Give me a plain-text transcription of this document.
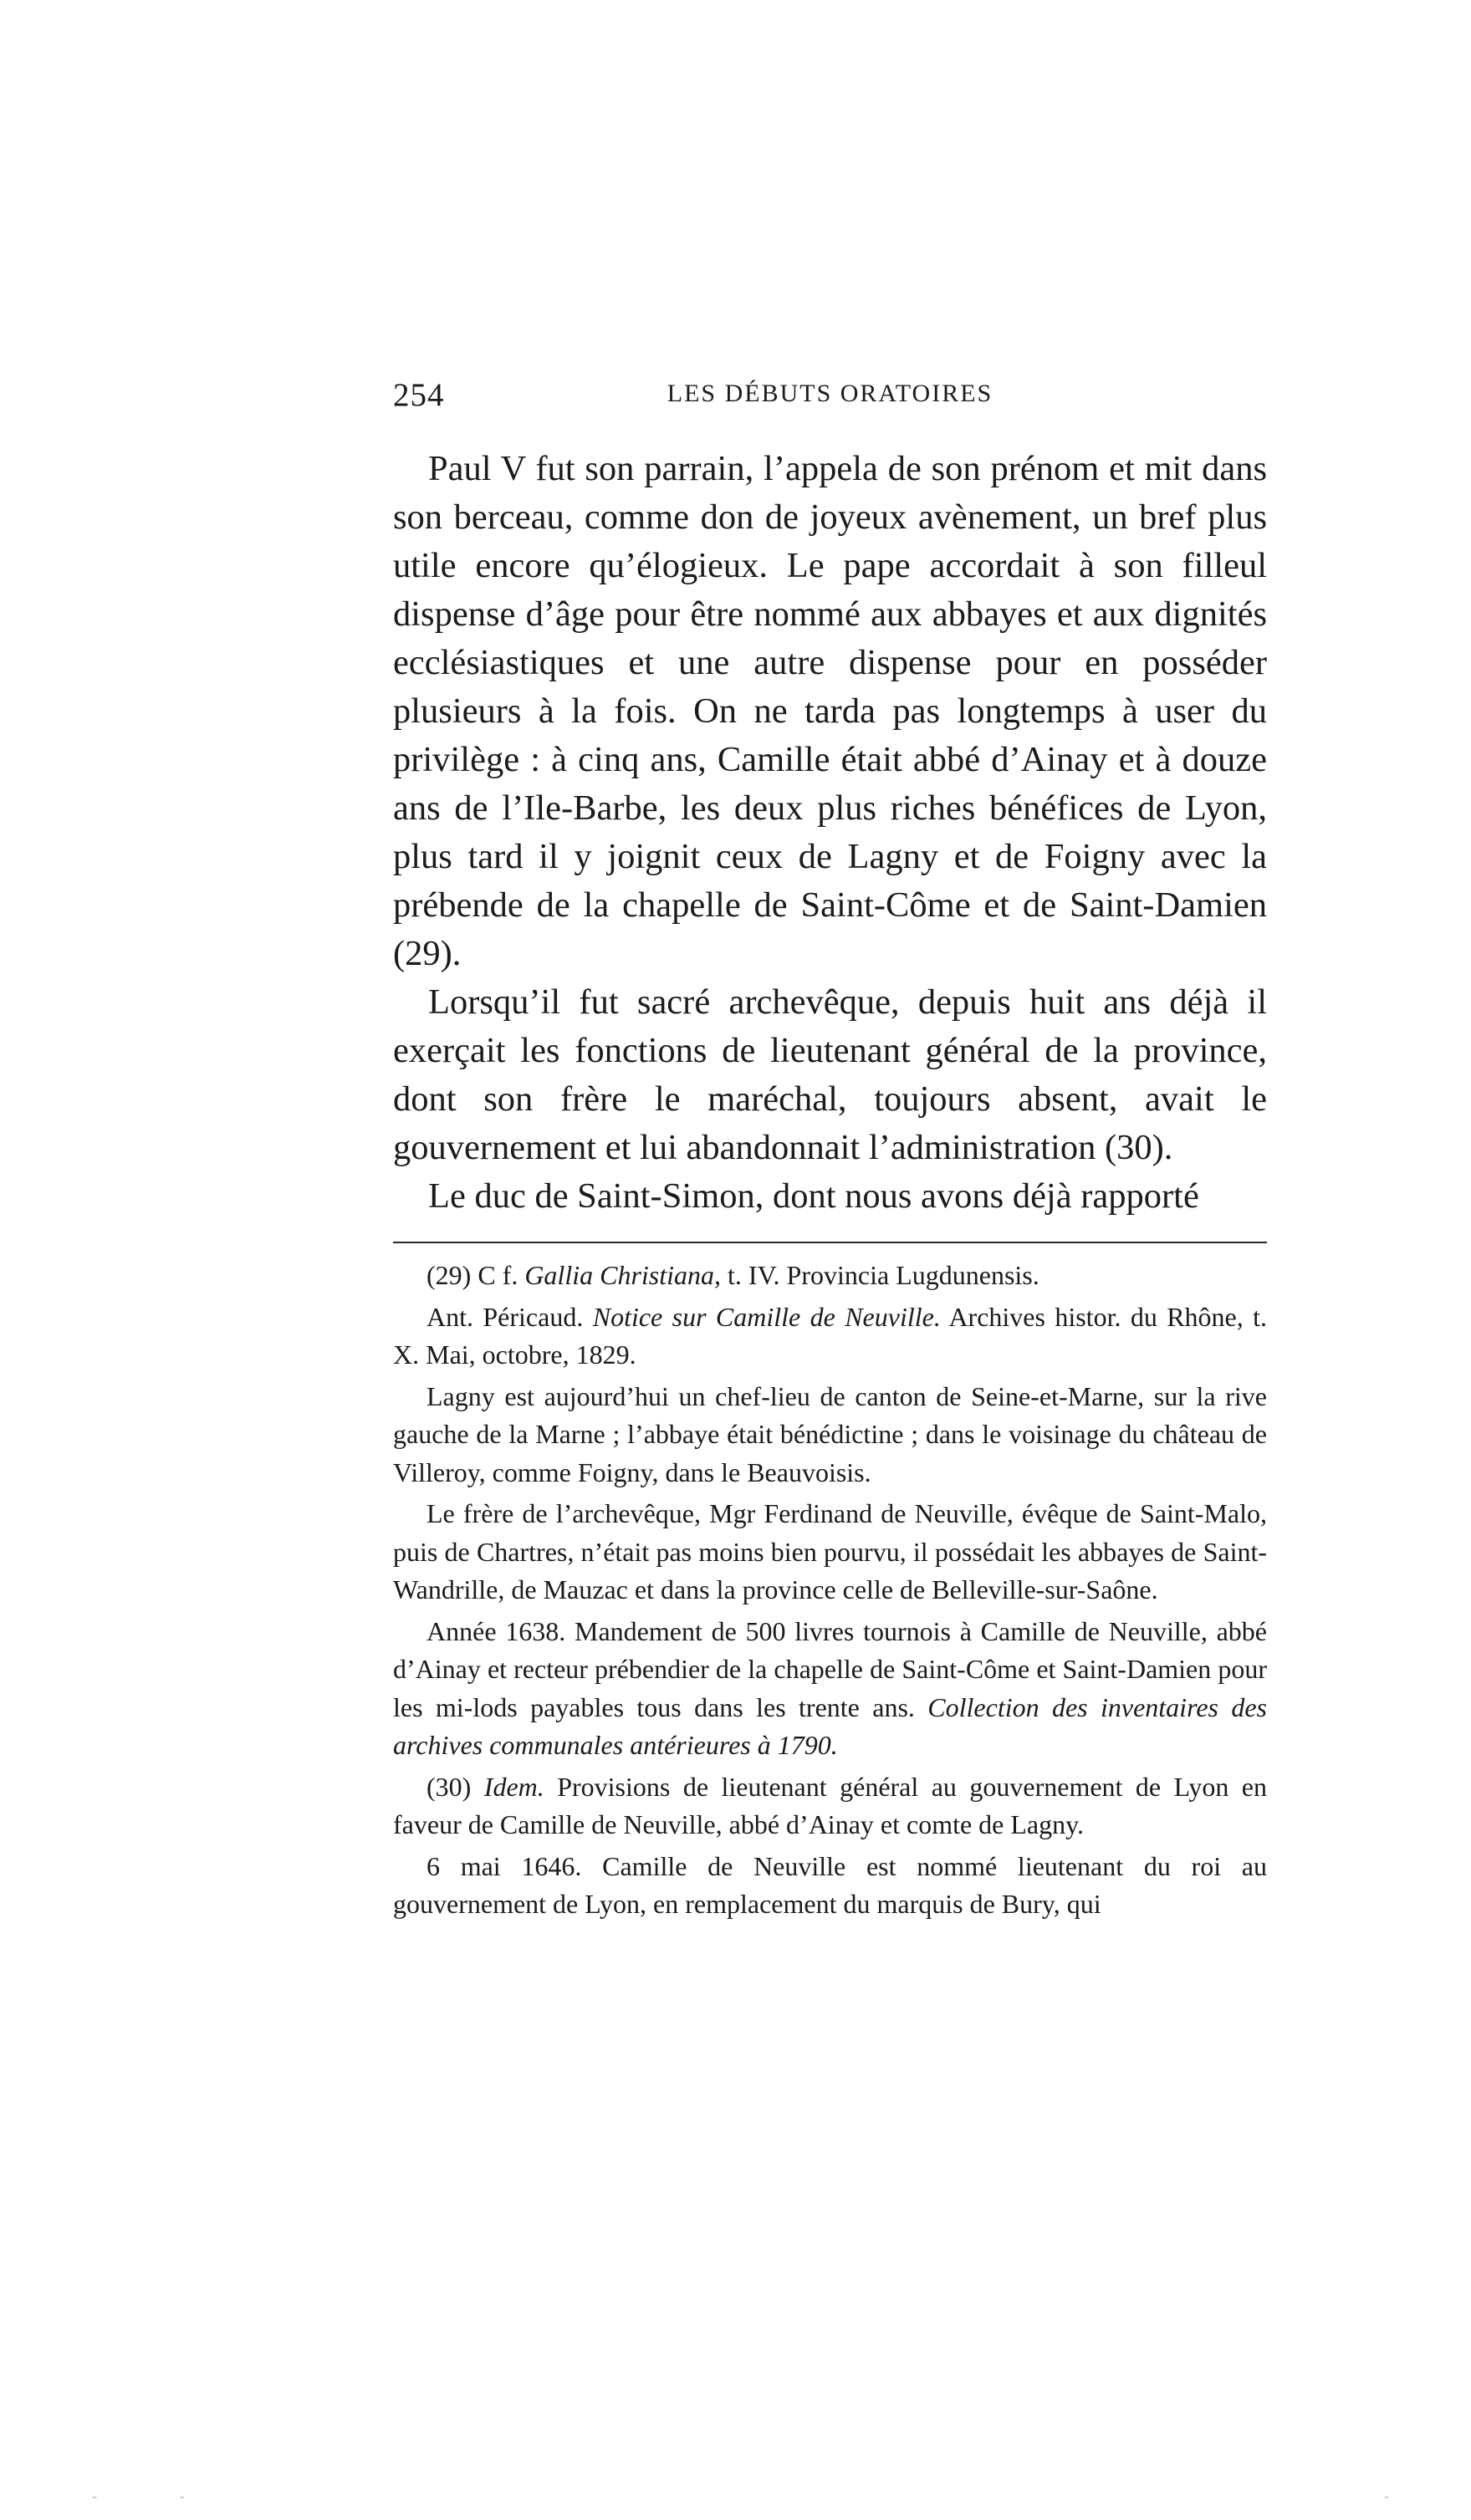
254	LES DÉBUTS ORATOIRES

Paul V fut son parrain, l’appela de son prénom et mit dans son berceau, comme don de joyeux avènement, un bref plus utile encore qu’élogieux. Le pape accordait à son filleul dispense d’âge pour être nommé aux abbayes et aux dignités ecclésiastiques et une autre dispense pour en posséder plusieurs à la fois. On ne tarda pas longtemps à user du privilège : à cinq ans, Camille était abbé d’Ainay et à douze ans de l’Ile-Barbe, les deux plus riches bénéfices de Lyon, plus tard il y joignit ceux de Lagny et de Foigny avec la prébende de la chapelle de Saint-Côme et de Saint-Damien (29).

Lorsqu’il fut sacré archevêque, depuis huit ans déjà il exerçait les fonctions de lieutenant général de la province, dont son frère le maréchal, toujours absent, avait le gouvernement et lui abandonnait l’administration (30).

Le duc de Saint-Simon, dont nous avons déjà rapporté

(29) C f. Gallia Christiana, t. IV. Provincia Lugdunensis.

Ant. Péricaud. Notice sur Camille de Neuville. Archives histor. du Rhône, t. X. Mai, octobre, 1829.

Lagny est aujourd’hui un chef-lieu de canton de Seine-et-Marne, sur la rive gauche de la Marne ; l’abbaye était bénédictine ; dans le voisinage du château de Villeroy, comme Foigny, dans le Beauvoisis.

Le frère de l’archevêque, Mgr Ferdinand de Neuville, évêque de Saint-Malo, puis de Chartres, n’était pas moins bien pourvu, il possédait les abbayes de Saint-Wandrille, de Mauzac et dans la province celle de Belleville-sur-Saône.

Année 1638. Mandement de 500 livres tournois à Camille de Neuville, abbé d’Ainay et recteur prébendier de la chapelle de Saint-Côme et Saint-Damien pour les mi-lods payables tous dans les trente ans. Collection des inventaires des archives communales antérieures à 1790.

(30) Idem. Provisions de lieutenant général au gouvernement de Lyon en faveur de Camille de Neuville, abbé d’Ainay et comte de Lagny.

6 mai 1646. Camille de Neuville est nommé lieutenant du roi au gouvernement de Lyon, en remplacement du marquis de Bury, qui

-	-	-
